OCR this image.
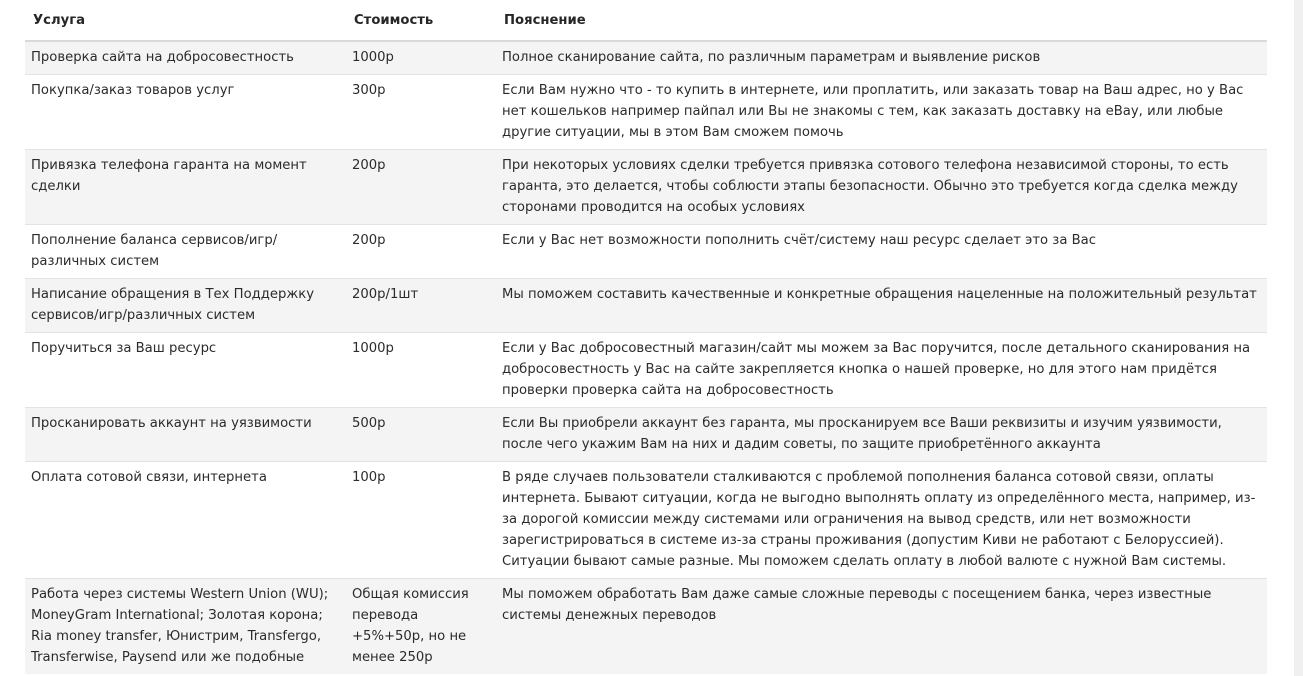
Услуга	Стоимость	Пояснение
Проверка сайта на добросовестность	1000р	Полное сканирование сайта, по различным параметрам и выявление рисков
Покупка/заказ товаров услуг	300р	Если Вам нужно что - то купить в интернете, или проплатить, или заказать товар на Ваш адрес, но у Вас нет кошельков например пайпал или Вы не знакомы с тем, как заказать доставку на eBay, или любые другие ситуации, мы в этом Вам сможем помочь
Привязка телефона гаранта на момент сделки	200р	При некоторых условиях сделки требуется привязка сотового телефона независимой стороны, то есть гаранта, это делается, чтобы соблюсти этапы безопасности. Обычно это требуется когда сделка между сторонами проводится на особых условиях
Пополнение баланса сервисов/игр/различных систем	200р	Если у Вас нет возможности пополнить счёт/систему наш ресурс сделает это за Вас
Написание обращения в Тех Поддержку сервисов/игр/различных систем	200р/1шт	Мы поможем составить качественные и конкретные обращения нацеленные на положительный результат
Поручиться за Ваш ресурс	1000р	Если у Вас добросовестный магазин/сайт мы можем за Вас поручится, после детального сканирования на добросовестность у Вас на сайте закрепляется кнопка о нашей проверке, но для этого нам придётся проверки проверка сайта на добросовестность
Просканировать аккаунт на уязвимости	500р	Если Вы приобрели аккаунт без гаранта, мы просканируем все Ваши реквизиты и изучим уязвимости, после чего укажим Вам на них и дадим советы, по защите приобретённого аккаунта
Оплата сотовой связи, интернета	100р	В ряде случаев пользователи сталкиваются с проблемой пополнения баланса сотовой связи, оплаты интернета. Бывают ситуации, когда не выгодно выполнять оплату из определённого места, например, из-за дорогой комиссии между системами или ограничения на вывод средств, или нет возможности зарегистрироваться в системе из-за страны проживания (допустим Киви не работают с Белоруссией). Ситуации бывают самые разные. Мы поможем сделать оплату в любой валюте с нужной Вам системы.
Работа через системы Western Union (WU); MoneyGram International; Золотая корона; Ria money transfer, Юнистрим, Transfergo, Transferwise, Paysend или же подобные	Общая комиссия перевода +5%+50р, но не менее 250р	Мы поможем обработать Вам даже самые сложные переводы с посещением банка, через известные системы денежных переводов
